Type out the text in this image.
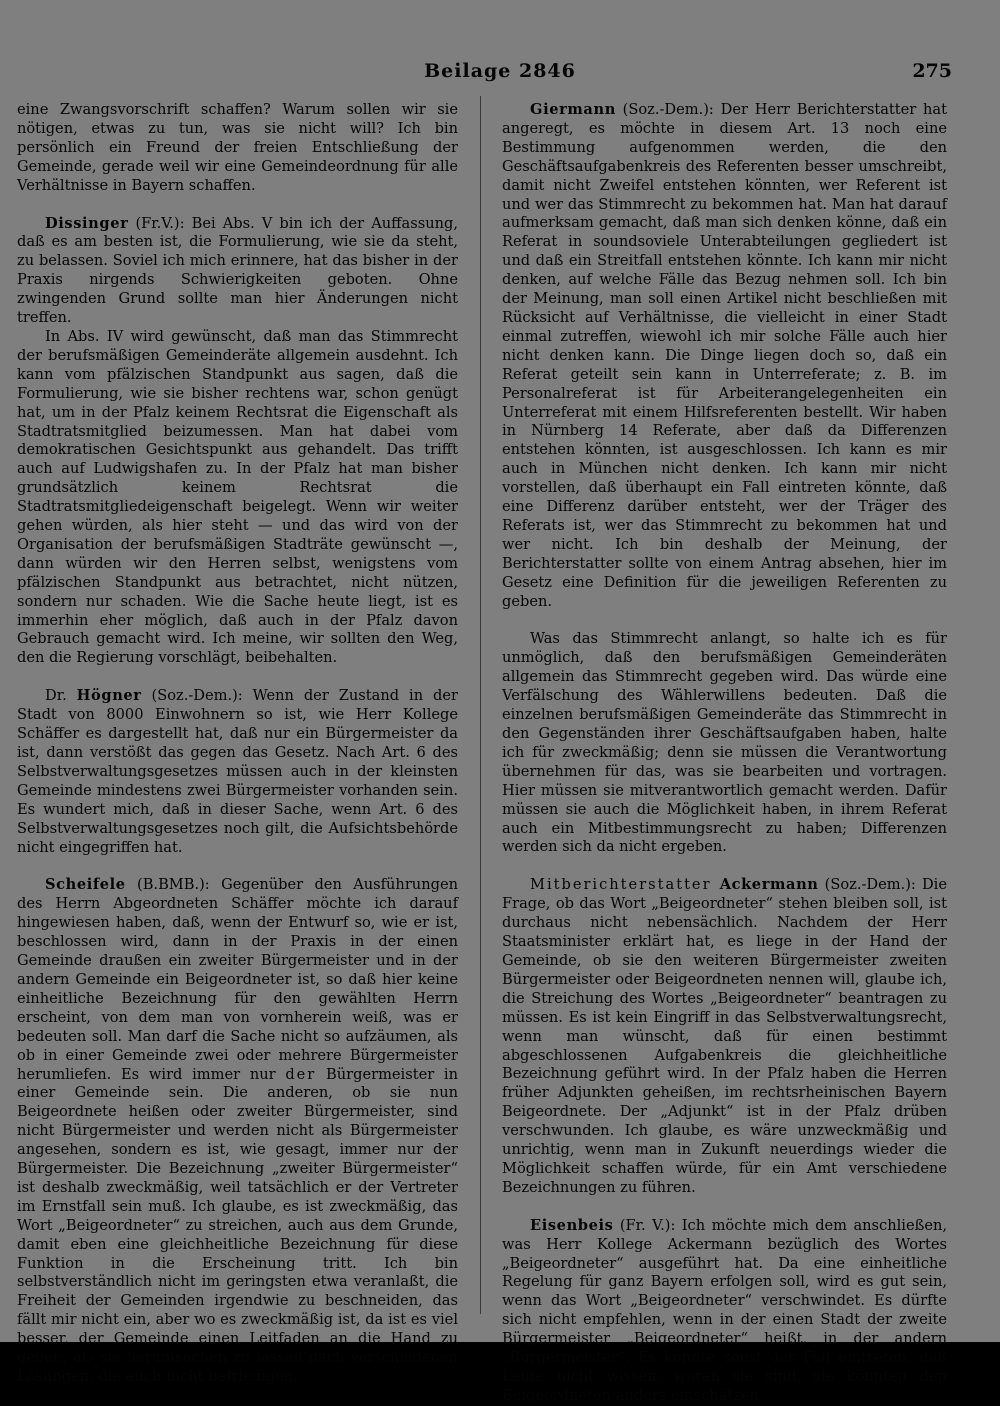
Beilage 2846	275

eine Zwangsvorschrift schaffen? Warum sollen wir sie nötigen, etwas zu tun, was sie nicht will? Ich bin persönlich ein Freund der freien Entschließung der Gemeinde, gerade weil wir eine Gemeindeordnung für alle Verhältnisse in Bayern schaffen.

Dissinger (Fr.V.): Bei Abs. V bin ich der Auffassung, daß es am besten ist, die Formulierung, wie sie da steht, zu belassen. Soviel ich mich erinnere, hat das bisher in der Praxis nirgends Schwierigkeiten geboten. Ohne zwingenden Grund sollte man hier Änderungen nicht treffen.

In Abs. IV wird gewünscht, daß man das Stimmrecht der berufsmäßigen Gemeinderäte allgemein ausdehnt. Ich kann vom pfälzischen Standpunkt aus sagen, daß die Formulierung, wie sie bisher rechtens war, schon genügt hat, um in der Pfalz keinem Rechtsrat die Eigenschaft als Stadtratsmitglied beizumessen. Man hat dabei vom demokratischen Gesichtspunkt aus gehandelt. Das trifft auch auf Ludwigshafen zu. In der Pfalz hat man bisher grundsätzlich keinem Rechtsrat die Stadtratsmitgliedeigenschaft beigelegt. Wenn wir weiter gehen würden, als hier steht — und das wird von der Organisation der berufsmäßigen Stadträte gewünscht —, dann würden wir den Herren selbst, wenigstens vom pfälzischen Standpunkt aus betrachtet, nicht nützen, sondern nur schaden. Wie die Sache heute liegt, ist es immerhin eher möglich, daß auch in der Pfalz davon Gebrauch gemacht wird. Ich meine, wir sollten den Weg, den die Regierung vorschlägt, beibehalten.

Dr. Högner (Soz.-Dem.): Wenn der Zustand in der Stadt von 8000 Einwohnern so ist, wie Herr Kollege Schäffer es dargestellt hat, daß nur ein Bürgermeister da ist, dann verstößt das gegen das Gesetz. Nach Art. 6 des Selbstverwaltungsgesetzes müssen auch in der kleinsten Gemeinde mindestens zwei Bürgermeister vorhanden sein. Es wundert mich, daß in dieser Sache, wenn Art. 6 des Selbstverwaltungsgesetzes noch gilt, die Aufsichtsbehörde nicht eingegriffen hat.

Scheifele (B.BMB.): Gegenüber den Ausführungen des Herrn Abgeordneten Schäffer möchte ich darauf hingewiesen haben, daß, wenn der Entwurf so, wie er ist, beschlossen wird, dann in der Praxis in der einen Gemeinde draußen ein zweiter Bürgermeister und in der andern Gemeinde ein Beigeordneter ist, so daß hier keine einheitliche Bezeichnung für den gewählten Herrn erscheint, von dem man von vornherein weiß, was er bedeuten soll. Man darf die Sache nicht so aufzäumen, als ob in einer Gemeinde zwei oder mehrere Bürgermeister herumliefen. Es wird immer nur der Bürgermeister in einer Gemeinde sein. Die anderen, ob sie nun Beigeordnete heißen oder zweiter Bürgermeister, sind nicht Bürgermeister und werden nicht als Bürgermeister angesehen, sondern es ist, wie gesagt, immer nur der Bürgermeister. Die Bezeichnung „zweiter Bürgermeister“ ist deshalb zweckmäßig, weil tatsächlich er der Vertreter im Ernstfall sein muß. Ich glaube, es ist zweckmäßig, das Wort „Beigeordneter“ zu streichen, auch aus dem Grunde, damit eben eine gleichheitliche Bezeichnung für diese Funktion in die Erscheinung tritt. Ich bin selbstverständlich nicht im geringsten etwa veranlaßt, die Freiheit der Gemeinden irgendwie zu beschneiden, das fällt mir nicht ein, aber wo es zweckmäßig ist, da ist es viel besser, der Gemeinde einen Leitfaden an die Hand zu geben, als sie herumsuchen zu lassen nach verschiedenen Lösungen, die auch nicht befriedigen.

Giermann (Soz.-Dem.): Der Herr Berichterstatter hat angeregt, es möchte in diesem Art. 13 noch eine Bestimmung aufgenommen werden, die den Geschäftsaufgabenkreis des Referenten besser umschreibt, damit nicht Zweifel entstehen könnten, wer Referent ist und wer das Stimmrecht zu bekommen hat. Man hat darauf aufmerksam gemacht, daß man sich denken könne, daß ein Referat in soundsoviele Unterabteilungen gegliedert ist und daß ein Streitfall entstehen könnte. Ich kann mir nicht denken, auf welche Fälle das Bezug nehmen soll. Ich bin der Meinung, man soll einen Artikel nicht beschließen mit Rücksicht auf Verhältnisse, die vielleicht in einer Stadt einmal zutreffen, wiewohl ich mir solche Fälle auch hier nicht denken kann. Die Dinge liegen doch so, daß ein Referat geteilt sein kann in Unterreferate; z. B. im Personalreferat ist für Arbeiterangelegenheiten ein Unterreferat mit einem Hilfsreferenten bestellt. Wir haben in Nürnberg 14 Referate, aber daß da Differenzen entstehen könnten, ist ausgeschlossen. Ich kann es mir auch in München nicht denken. Ich kann mir nicht vorstellen, daß überhaupt ein Fall eintreten könnte, daß eine Differenz darüber entsteht, wer der Träger des Referats ist, wer das Stimmrecht zu bekommen hat und wer nicht. Ich bin deshalb der Meinung, der Berichterstatter sollte von einem Antrag absehen, hier im Gesetz eine Definition für die jeweiligen Referenten zu geben.

Was das Stimmrecht anlangt, so halte ich es für unmöglich, daß den berufsmäßigen Gemeinderäten allgemein das Stimmrecht gegeben wird. Das würde eine Verfälschung des Wählerwillens bedeuten. Daß die einzelnen berufsmäßigen Gemeinderäte das Stimmrecht in den Gegenständen ihrer Geschäftsaufgaben haben, halte ich für zweckmäßig; denn sie müssen die Verantwortung übernehmen für das, was sie bearbeiten und vortragen. Hier müssen sie mitverantwortlich gemacht werden. Dafür müssen sie auch die Möglichkeit haben, in ihrem Referat auch ein Mitbestimmungsrecht zu haben; Differenzen werden sich da nicht ergeben.

Mitberichterstatter Ackermann (Soz.-Dem.): Die Frage, ob das Wort „Beigeordneter“ stehen bleiben soll, ist durchaus nicht nebensächlich. Nachdem der Herr Staatsminister erklärt hat, es liege in der Hand der Gemeinde, ob sie den weiteren Bürgermeister zweiten Bürgermeister oder Beigeordneten nennen will, glaube ich, die Streichung des Wortes „Beigeordneter“ beantragen zu müssen. Es ist kein Eingriff in das Selbstverwaltungsrecht, wenn man wünscht, daß für einen bestimmt abgeschlossenen Aufgabenkreis die gleichheitliche Bezeichnung geführt wird. In der Pfalz haben die Herren früher Adjunkten geheißen, im rechtsrheinischen Bayern Beigeordnete. Der „Adjunkt“ ist in der Pfalz drüben verschwunden. Ich glaube, es wäre unzweckmäßig und unrichtig, wenn man in Zukunft neuerdings wieder die Möglichkeit schaffen würde, für ein Amt verschiedene Bezeichnungen zu führen.

Eisenbeis (Fr. V.): Ich möchte mich dem anschließen, was Herr Kollege Ackermann bezüglich des Wortes „Beigeordneter“ ausgeführt hat. Da eine einheitliche Regelung für ganz Bayern erfolgen soll, wird es gut sein, wenn das Wort „Beigeordneter“ verschwindet. Es dürfte sich nicht empfehlen, wenn in der einen Stadt der zweite Bürgermeister „Beigeordneter“ heißt, in der andern „Bürgermeister“. Es könnte sonst der Fall eintreten, daß Leute nicht wissen, woran sie sind, sie könnten den Beigeordneten anders einschätzen
